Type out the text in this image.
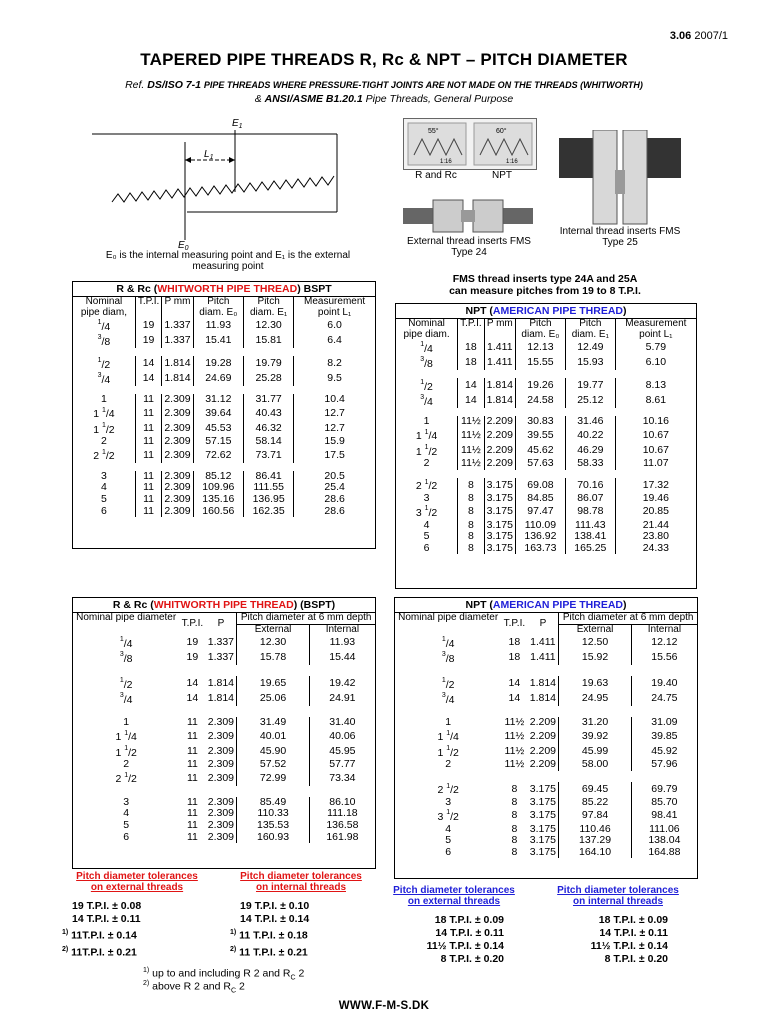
3.06 2007/1
TAPERED PIPE THREADS R, Rc & NPT – PITCH DIAMETER
Ref. DS/ISO 7-1 PIPE THREADS WHERE PRESSURE-TIGHT JOINTS ARE NOT MADE ON THE THREADS (WHITWORTH)
& ANSI/ASME B1.20.1 Pipe Threads, General Purpose
$E_1$
$L_1$
$E_0$
E₀ is the internal measuring point and E₁ is the external measuring point
55°	60°
1:16	1:16
R and Rc	NPT
External thread inserts FMS Type 24
Internal thread inserts FMS Type 25
FMS thread inserts type 24A and 25A
can measure pitches from 19 to 8 T.P.I.
R & Rc (WHITWORTH PIPE THREAD) BSPT
Nominal pipe diam,	T.P.I.	P mm	Pitch diam. E₀	Pitch diam. E₁	Measurement point L₁
$^1$/4	19	1.337	11.93	12.30	6.0
$^3$/8	19	1.337	15.41	15.81	6.4

$^1$/2	14	1.814	19.28	19.79	8.2
$^3$/4	14	1.814	24.69	25.28	9.5

1	11	2.309	31.12	31.77	10.4
1 $^1$/4	11	2.309	39.64	40.43	12.7
1 $^1$/2	11	2.309	45.53	46.32	12.7
2	11	2.309	57.15	58.14	15.9
2 $^1$/2	11	2.309	72.62	73.71	17.5

3	11	2.309	85.12	86.41	20.5
4	11	2.309	109.96	111.55	25.4
5	11	2.309	135.16	136.95	28.6
6	11	2.309	160.56	162.35	28.6
NPT (AMERICAN PIPE THREAD)
Nominal pipe diam.	T.P.I.	P mm	Pitch diam. E₀	Pitch diam. E₁	Measurement point L₁
$^1$/4	18	1.411	12.13	12.49	5.79
$^3$/8	18	1.411	15.55	15.93	6.10

$^1$/2	14	1.814	19.26	19.77	8.13
$^3$/4	14	1.814	24.58	25.12	8.61

1	11½	2.209	30.83	31.46	10.16
1 $^1$/4	11½	2.209	39.55	40.22	10.67
1 $^1$/2	11½	2.209	45.62	46.29	10.67
2	11½	2.209	57.63	58.33	11.07

2 $^1$/2	8	3.175	69.08	70.16	17.32
3	8	3.175	84.85	86.07	19.46
3 $^1$/2	8	3.175	97.47	98.78	20.85
4	8	3.175	110.09	111.43	21.44
5	8	3.175	136.92	138.41	23.80
6	8	3.175	163.73	165.25	24.33
R & Rc (WHITWORTH PIPE THREAD) (BSPT)
Nominal pipe diameter	T.P.I.	P	Pitch diameter at 6 mm depth	
			External	Internal
$^1$/4	19	1.337	12.30	11.93
$^3$/8	19	1.337	15.78	15.44

$^1$/2	14	1.814	19.65	19.42
$^3$/4	14	1.814	25.06	24.91

1	11	2.309	31.49	31.40
1 $^1$/4	11	2.309	40.01	40.06
1 $^1$/2	11	2.309	45.90	45.95
2	11	2.309	57.52	57.77
2 $^1$/2	11	2.309	72.99	73.34

3	11	2.309	85.49	86.10
4	11	2.309	110.33	111.18
5	11	2.309	135.53	136.58
6	11	2.309	160.93	161.98
NPT (AMERICAN PIPE THREAD)
Nominal pipe diameter	T.P.I.	P	Pitch diameter at 6 mm depth	
			External	Internal
$^1$/4	18	1.411	12.50	12.12
$^3$/8	18	1.411	15.92	15.56

$^1$/2	14	1.814	19.63	19.40
$^3$/4	14	1.814	24.95	24.75

1	11½	2.209	31.20	31.09
1 $^1$/4	11½	2.209	39.92	39.85
1 $^1$/2	11½	2.209	45.99	45.92
2	11½	2.209	58.00	57.96

2 $^1$/2	8	3.175	69.45	69.79
3	8	3.175	85.22	85.70
3 $^1$/2	8	3.175	97.84	98.41
4	8	3.175	110.46	111.06
5	8	3.175	137.29	138.04
6	8	3.175	164.10	164.88
Pitch diameter tolerances
on external threads
19 T.P.I. ± 0.08
14 T.P.I. ± 0.11
$^{1)}$ 11T.P.I. ± 0.14
$^{2)}$ 11T.P.I. ± 0.21
Pitch diameter tolerances
on internal threads
19 T.P.I. ± 0.10
14 T.P.I. ± 0.14
$^{1)}$ 11 T.P.I. ± 0.18
$^{2)}$ 11 T.P.I. ± 0.21
Pitch diameter tolerances
on external threads
18 T.P.I. ± 0.09
14 T.P.I. ± 0.11
11½ T.P.I. ± 0.14
8 T.P.I. ± 0.20
Pitch diameter tolerances
on internal threads
18 T.P.I. ± 0.09
14 T.P.I. ± 0.11
11½ T.P.I. ± 0.14
8 T.P.I. ± 0.20
$^{1)}$ up to and including R 2 and $R_C$ 2
$^{2)}$ above R 2 and $R_C$ 2
WWW.F-M-S.DK
